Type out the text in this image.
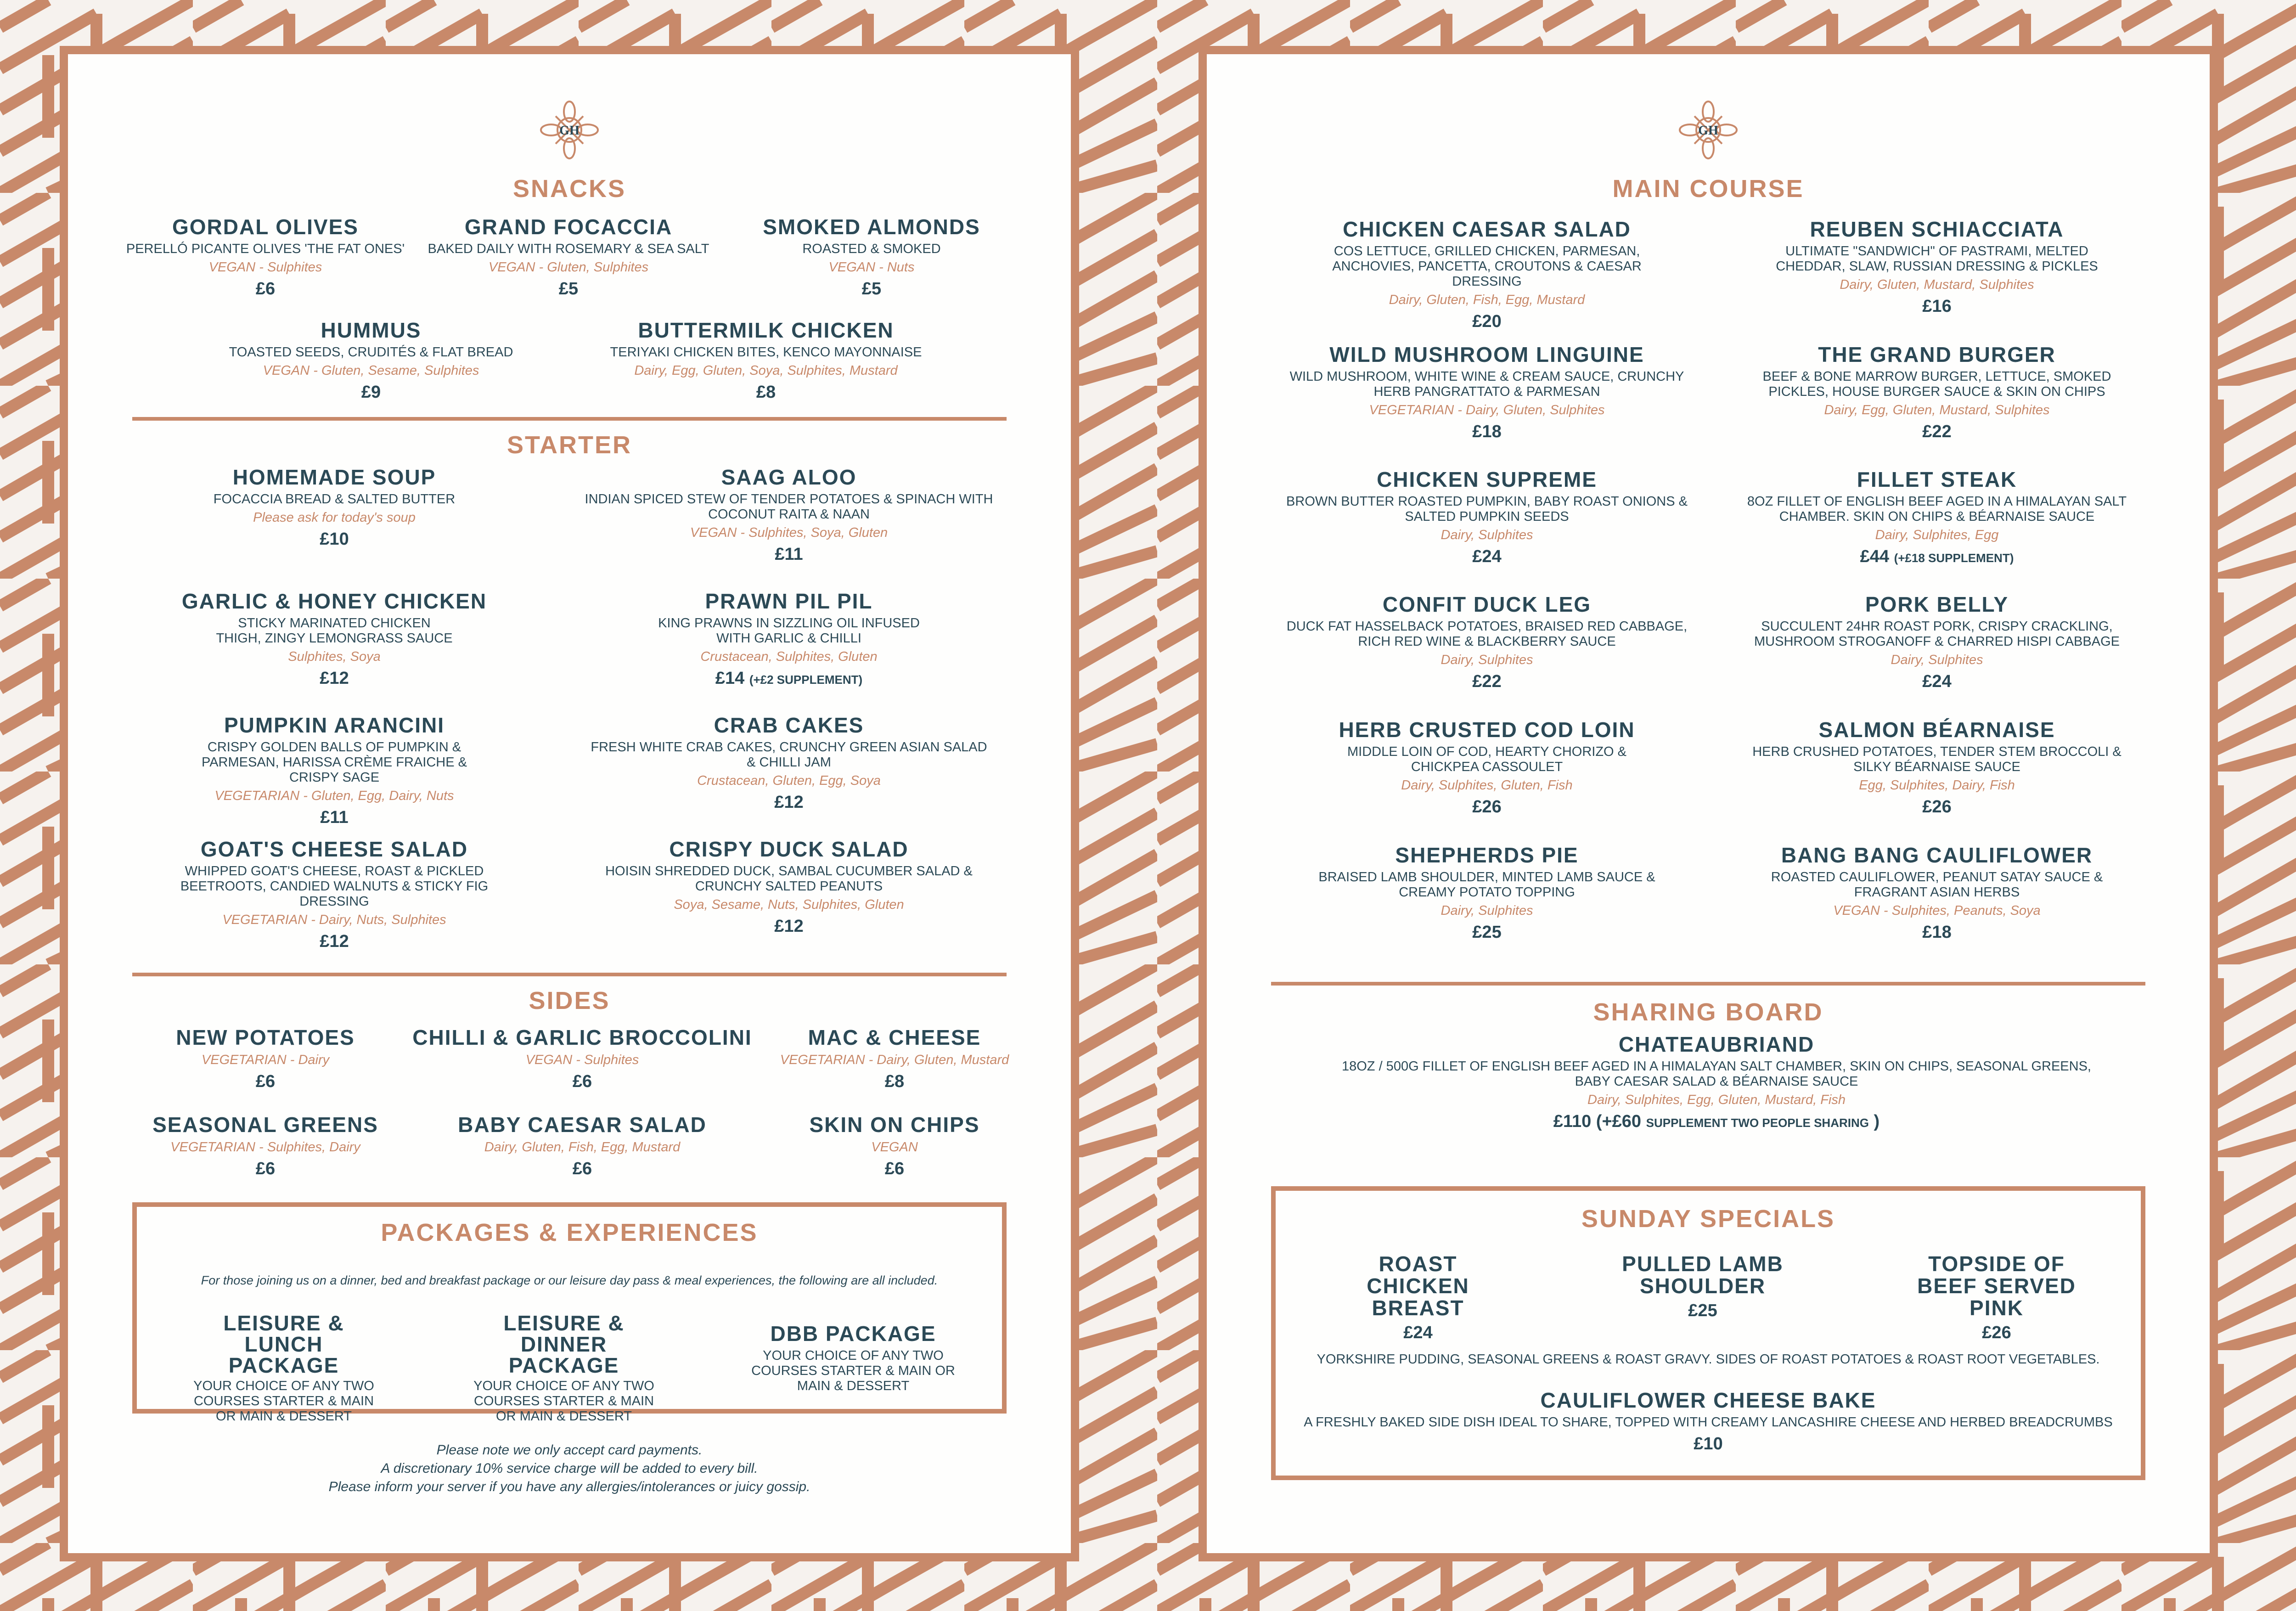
GH
SNACKS
GORDAL OLIVES
PERELLÓ PICANTE OLIVES 'THE FAT ONES'
VEGAN - Sulphites
£6
GRAND FOCACCIA
BAKED DAILY WITH ROSEMARY & SEA SALT
VEGAN - Gluten, Sulphites
£5
SMOKED ALMONDS
ROASTED & SMOKED
VEGAN - Nuts
£5
HUMMUS
TOASTED SEEDS, CRUDITÉS & FLAT BREAD
VEGAN - Gluten, Sesame, Sulphites
£9
BUTTERMILK CHICKEN
TERIYAKI CHICKEN BITES, KENCO MAYONNAISE
Dairy, Egg, Gluten, Soya, Sulphites, Mustard
£8
STARTER
HOMEMADE SOUP
FOCACCIA BREAD & SALTED BUTTER
Please ask for today's soup
£10
SAAG ALOO
INDIAN SPICED STEW OF TENDER POTATOES & SPINACH WITH COCONUT RAITA & NAAN
VEGAN - Sulphites, Soya, Gluten
£11
GARLIC & HONEY CHICKEN
STICKY MARINATED CHICKEN THIGH, ZINGY LEMONGRASS SAUCE
Sulphites, Soya
£12
PRAWN PIL PIL
KING PRAWNS IN SIZZLING OIL INFUSED WITH GARLIC & CHILLI
Crustacean, Sulphites, Gluten
£14 (+£2 SUPPLEMENT)
PUMPKIN ARANCINI
CRISPY GOLDEN BALLS OF PUMPKIN & PARMESAN, HARISSA CRÈME FRAICHE & CRISPY SAGE
VEGETARIAN - Gluten, Egg, Dairy, Nuts
£11
CRAB CAKES
FRESH WHITE CRAB CAKES, CRUNCHY GREEN ASIAN SALAD & CHILLI JAM
Crustacean, Gluten, Egg, Soya
£12
GOAT'S CHEESE SALAD
WHIPPED GOAT'S CHEESE, ROAST & PICKLED BEETROOTS, CANDIED WALNUTS & STICKY FIG DRESSING
VEGETARIAN - Dairy, Nuts, Sulphites
£12
CRISPY DUCK SALAD
HOISIN SHREDDED DUCK, SAMBAL CUCUMBER SALAD & CRUNCHY SALTED PEANUTS
Soya, Sesame, Nuts, Sulphites, Gluten
£12
SIDES
NEW POTATOES
VEGETARIAN - Dairy
£6
CHILLI & GARLIC BROCCOLINI
VEGAN - Sulphites
£6
MAC & CHEESE
VEGETARIAN - Dairy, Gluten, Mustard
£8
SEASONAL GREENS
VEGETARIAN - Sulphites, Dairy
£6
BABY CAESAR SALAD
Dairy, Gluten, Fish, Egg, Mustard
£6
SKIN ON CHIPS
VEGAN
£6
PACKAGES & EXPERIENCES
For those joining us on a dinner, bed and breakfast package or our leisure day pass & meal experiences, the following are all included.
LEISURE & LUNCH PACKAGE
YOUR CHOICE OF ANY TWO COURSES STARTER & MAIN OR MAIN & DESSERT
LEISURE & DINNER PACKAGE
YOUR CHOICE OF ANY TWO COURSES STARTER & MAIN OR MAIN & DESSERT
DBB PACKAGE
YOUR CHOICE OF ANY TWO COURSES STARTER & MAIN OR MAIN & DESSERT
Please note we only accept card payments.
A discretionary 10% service charge will be added to every bill.
Please inform your server if you have any allergies/intolerances or juicy gossip.
GH
MAIN COURSE
CHICKEN CAESAR SALAD
COS LETTUCE, GRILLED CHICKEN, PARMESAN, ANCHOVIES, PANCETTA, CROUTONS & CAESAR DRESSING
Dairy, Gluten, Fish, Egg, Mustard
£20
REUBEN SCHIACCIATA
ULTIMATE "SANDWICH" OF PASTRAMI, MELTED CHEDDAR, SLAW, RUSSIAN DRESSING & PICKLES
Dairy, Gluten, Mustard, Sulphites
£16
WILD MUSHROOM LINGUINE
WILD MUSHROOM, WHITE WINE & CREAM SAUCE, CRUNCHY HERB PANGRATTATO & PARMESAN
VEGETARIAN - Dairy, Gluten, Sulphites
£18
THE GRAND BURGER
BEEF & BONE MARROW BURGER, LETTUCE, SMOKED PICKLES, HOUSE BURGER SAUCE & SKIN ON CHIPS
Dairy, Egg, Gluten, Mustard, Sulphites
£22
CHICKEN SUPREME
BROWN BUTTER ROASTED PUMPKIN, BABY ROAST ONIONS & SALTED PUMPKIN SEEDS
Dairy, Sulphites
£24
FILLET STEAK
8OZ FILLET OF ENGLISH BEEF AGED IN A HIMALAYAN SALT CHAMBER. SKIN ON CHIPS & BÉARNAISE SAUCE
Dairy, Sulphites, Egg
£44 (+£18 SUPPLEMENT)
CONFIT DUCK LEG
DUCK FAT HASSELBACK POTATOES, BRAISED RED CABBAGE, RICH RED WINE & BLACKBERRY SAUCE
Dairy, Sulphites
£22
PORK BELLY
SUCCULENT 24HR ROAST PORK, CRISPY CRACKLING, MUSHROOM STROGANOFF & CHARRED HISPI CABBAGE
Dairy, Sulphites
£24
HERB CRUSTED COD LOIN
MIDDLE LOIN OF COD, HEARTY CHORIZO & CHICKPEA CASSOULET
Dairy, Sulphites, Gluten, Fish
£26
SALMON BÉARNAISE
HERB CRUSHED POTATOES, TENDER STEM BROCCOLI & SILKY BÉARNAISE SAUCE
Egg, Sulphites, Dairy, Fish
£26
SHEPHERDS PIE
BRAISED LAMB SHOULDER, MINTED LAMB SAUCE & CREAMY POTATO TOPPING
Dairy, Sulphites
£25
BANG BANG CAULIFLOWER
ROASTED CAULIFLOWER, PEANUT SATAY SAUCE & FRAGRANT ASIAN HERBS
VEGAN - Sulphites, Peanuts, Soya
£18
SHARING BOARD
CHATEAUBRIAND
18OZ / 500G FILLET OF ENGLISH BEEF AGED IN A HIMALAYAN SALT CHAMBER, SKIN ON CHIPS, SEASONAL GREENS, BABY CAESAR SALAD & BÉARNAISE SAUCE
Dairy, Sulphites, Egg, Gluten, Mustard, Fish
£110 (+£60 SUPPLEMENT TWO PEOPLE SHARING )
SUNDAY SPECIALS
ROAST CHICKEN BREAST
£24
PULLED LAMB SHOULDER
£25
TOPSIDE OF BEEF SERVED PINK
£26
YORKSHIRE PUDDING, SEASONAL GREENS & ROAST GRAVY. SIDES OF ROAST POTATOES & ROAST ROOT VEGETABLES.
CAULIFLOWER CHEESE BAKE
A FRESHLY BAKED SIDE DISH IDEAL TO SHARE, TOPPED WITH CREAMY LANCASHIRE CHEESE AND HERBED BREADCRUMBS
£10
